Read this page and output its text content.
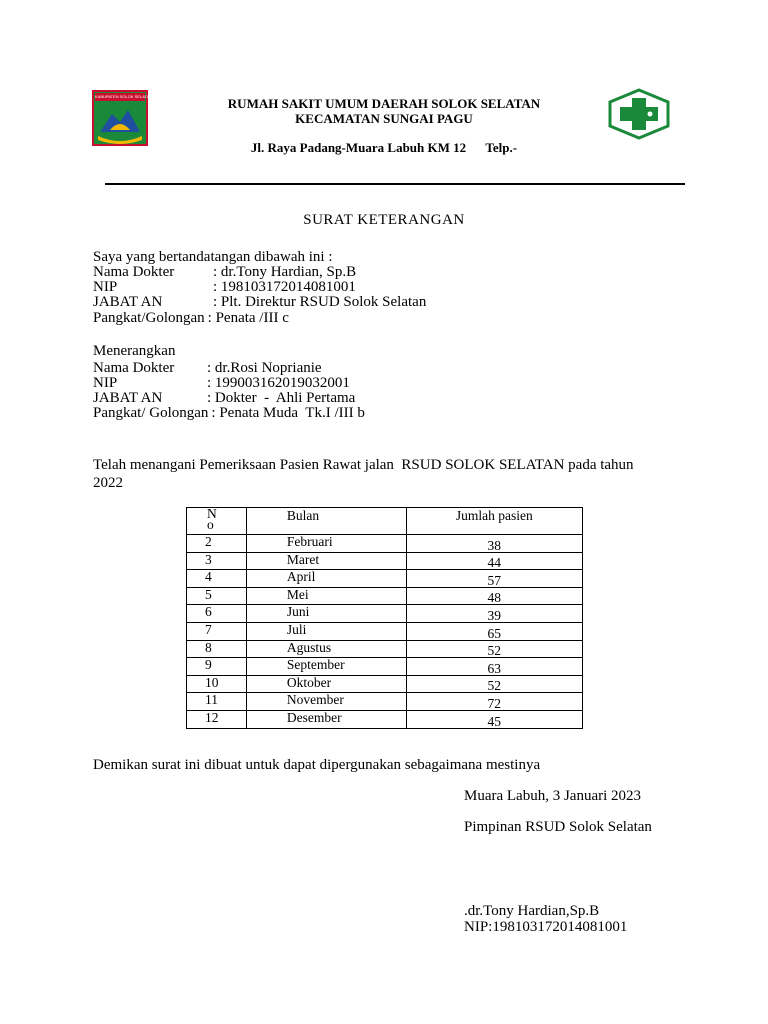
KABUPATEN SOLOK SELATAN	RUMAH SAKIT UMUM DAERAH SOLOK SELATAN
KECAMATAN SUNGAI PAGU
Jl. Raya Padang-Muara Labuh KM 12      Telp.-
SURAT KETERANGAN
Saya yang bertandatangan dibawah ini :
Nama Dokter	: dr.Tony Hardian, Sp.B
NIP	: 198103172014081001
JABAT AN	: Plt. Direktur RSUD Solok Selatan
Pangkat/Golongan : Penata /III c
Menerangkan
Nama Dokter : dr.Rosi Noprianie
NIP	: 199003162019032001
JABAT AN	: Dokter  -  Ahli Pertama
Pangkat/ Golongan : Penata Muda  Tk.I /III b
Telah menangani Pemeriksaan Pasien Rawat jalan  RSUD SOLOK SELATAN pada tahun
2022
N
o	Bulan	Jumlah pasien
2	Februari	38
3	Maret	44
4	April	57
5	Mei	48
6	Juni	39
7	Juli	65
8	Agustus	52
9	September	63
10	Oktober	52
11	November	72
12	Desember	45
Demikan surat ini dibuat untuk dapat dipergunakan sebagaimana mestinya
Muara Labuh, 3 Januari 2023
Pimpinan RSUD Solok Selatan
.dr.Tony Hardian,Sp.B
NIP:198103172014081001
